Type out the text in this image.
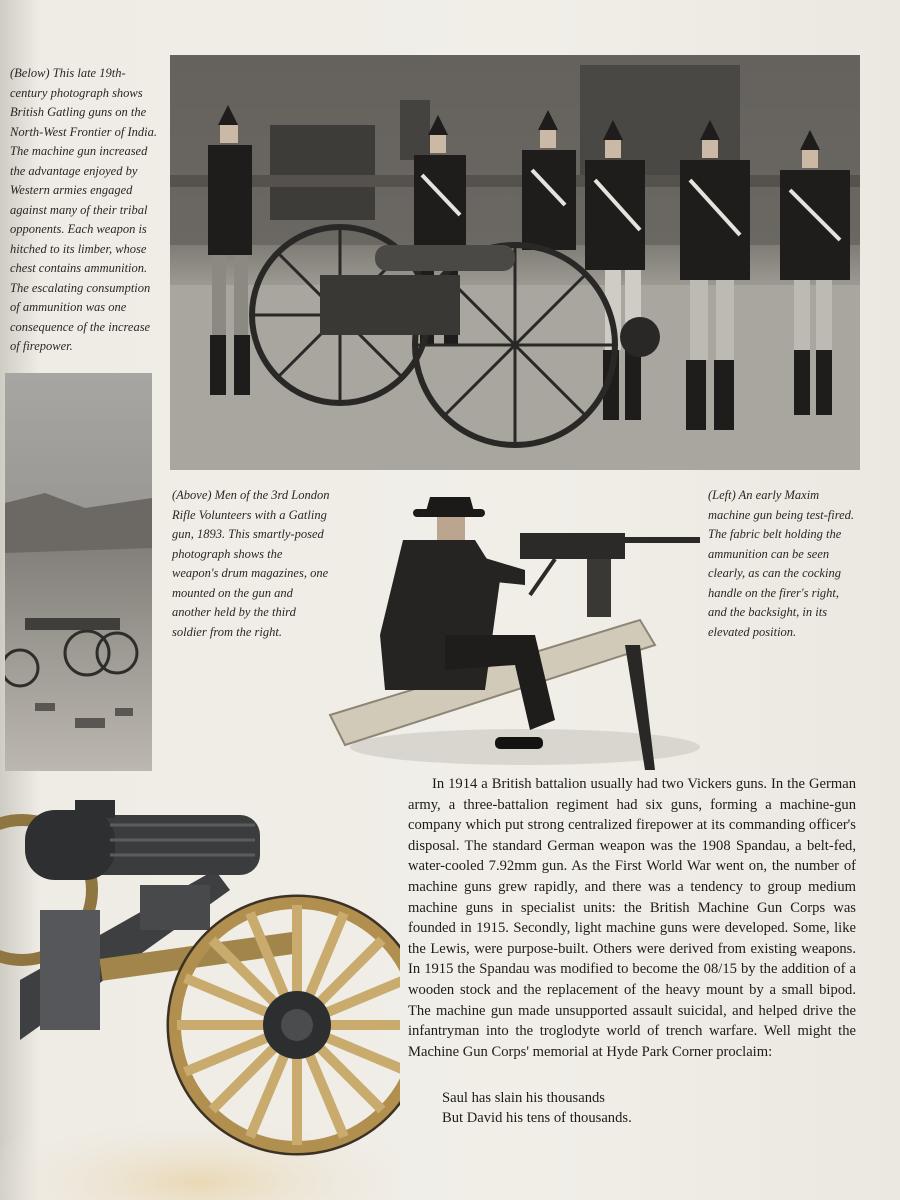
(Below) This late 19th-century photograph shows British Gatling guns on the North-West Frontier of India. The machine gun increased the advantage enjoyed by Western armies engaged against many of their tribal opponents. Each weapon is hitched to its limber, whose chest contains ammunition. The escalating consumption of ammunition was one consequence of the increase of firepower.
(Above) Men of the 3rd London Rifle Volunteers with a Gatling gun, 1893. This smartly-posed photograph shows the weapon's drum magazines, one mounted on the gun and another held by the third soldier from the right.
(Left) An early Maxim machine gun being test-fired. The fabric belt holding the ammunition can be seen clearly, as can the cocking handle on the firer's right, and the backsight, in its elevated position.

In 1914 a British battalion usually had two Vickers guns. In the German army, a three-battalion regiment had six guns, forming a machine-gun company which put strong centralized firepower at its commanding officer's disposal. The standard German weapon was the 1908 Spandau, a belt-fed, water-cooled 7.92mm gun. As the First World War went on, the number of machine guns grew rapidly, and there was a tendency to group medium machine guns in specialist units: the British Machine Gun Corps was founded in 1915. Secondly, light machine guns were developed. Some, like the Lewis, were purpose-built. Others were derived from existing weapons. In 1915 the Spandau was modified to become the 08/15 by the addition of a wooden stock and the replacement of the heavy mount by a small bipod. The machine gun made unsupported assault suicidal, and helped drive the infantryman into the troglodyte world of trench warfare. Well might the Machine Gun Corps' memorial at Hyde Park Corner proclaim:

Saul has slain his thousands
But David his tens of thousands.
